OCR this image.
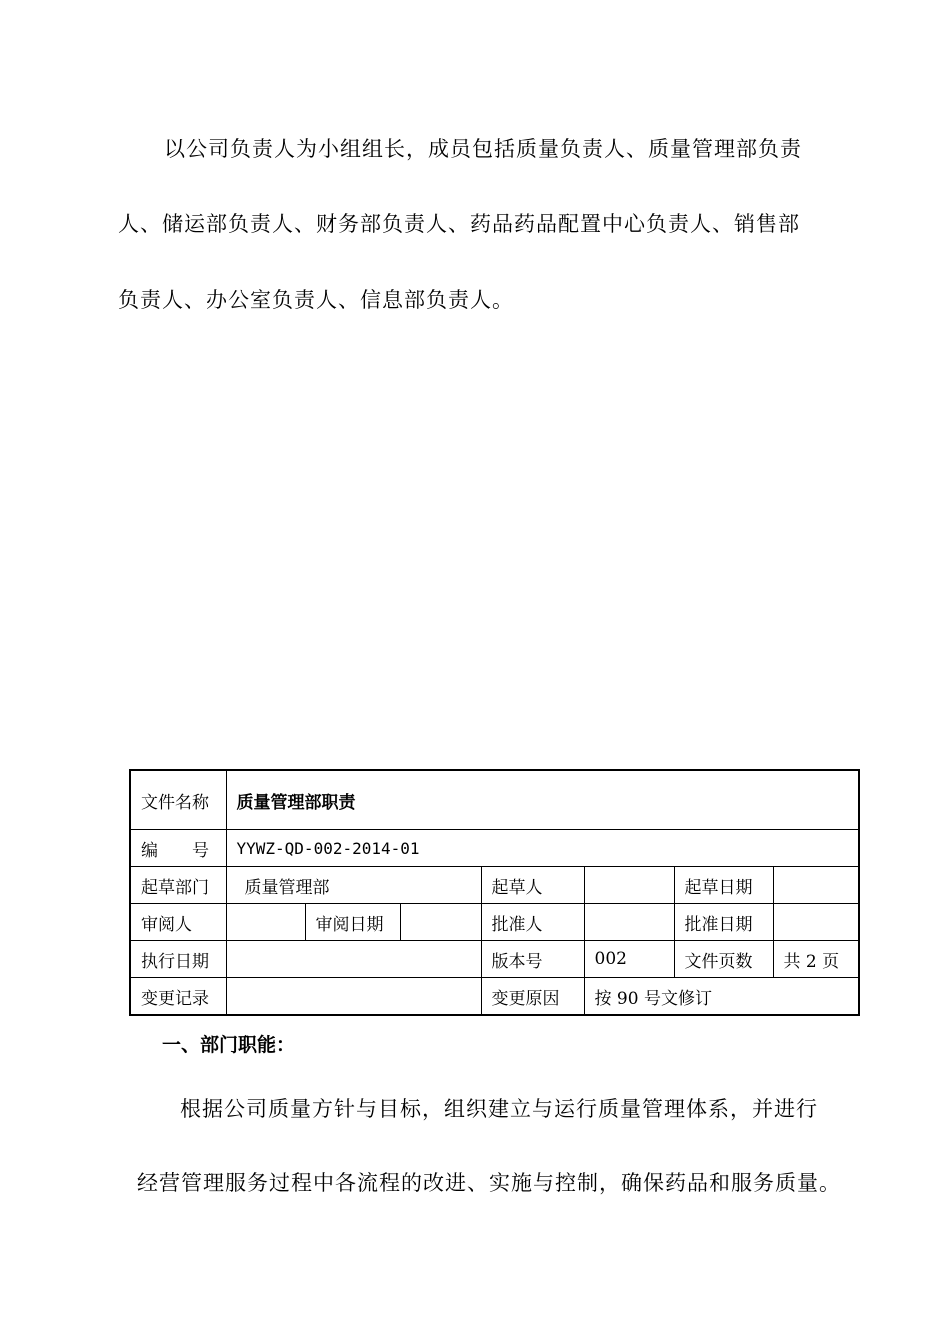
以公司负责人为小组组长，成员包括质量负责人、质量管理部负责
人、储运部负责人、财务部负责人、药品药品配置中心负责人、销售部
负责人、办公室负责人、信息部负责人。
文件名称	质量管理部职责						
编　　号	YYWZ-QD-002-2014-01						
起草部门	质量管理部			起草人		起草日期	
审阅人		审阅日期		批准人		批准日期	
执行日期				版本号	002	文件页数	共 2 页
变更记录				变更原因	按 90 号文修订		
一、部门职能：
根据公司质量方针与目标，组织建立与运行质量管理体系，并进行
经营管理服务过程中各流程的改进、实施与控制，确保药品和服务质量。
